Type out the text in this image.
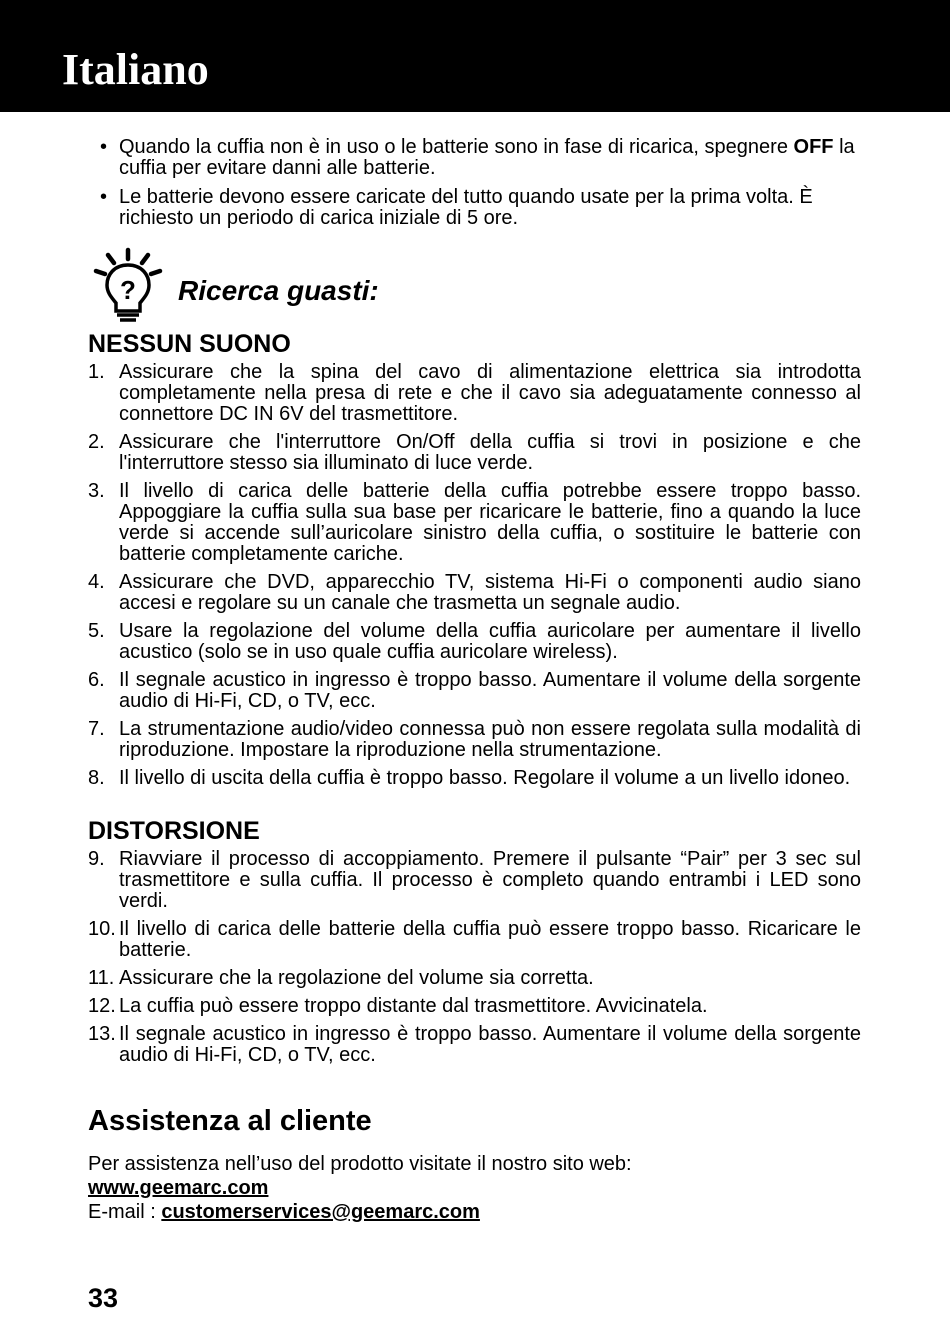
Italiano
• Quando la cuffia non è in uso o le batterie sono in fase di ricarica, spegnere OFF la cuffia per evitare danni alle batterie.
• Le batterie devono essere caricate del tutto quando usate per la prima volta. È richiesto un periodo di carica iniziale di 5 ore.
? Ricerca guasti:
NESSUN SUONO
1. Assicurare che la spina del cavo di alimentazione elettrica sia introdotta completamente nella presa di rete e che il cavo sia adeguatamente connesso al connettore DC IN 6V del trasmettitore.
2. Assicurare che l'interruttore On/Off della cuffia si trovi in posizione e che l'interruttore stesso sia illuminato di luce verde.
3. Il livello di carica delle batterie della cuffia potrebbe essere troppo basso. Appoggiare la cuffia sulla sua base per ricaricare le batterie, fino a quando la luce verde si accende sull’auricolare sinistro della cuffia, o sostituire le batterie con batterie completamente cariche.
4. Assicurare che DVD, apparecchio TV, sistema Hi-Fi o componenti audio siano accesi e regolare su un canale che trasmetta un segnale audio.
5. Usare la regolazione del volume della cuffia auricolare per aumentare il livello acustico (solo se in uso quale cuffia auricolare wireless).
6. Il segnale acustico in ingresso è troppo basso. Aumentare il volume della sorgente audio di Hi-Fi, CD, o TV, ecc.
7. La strumentazione audio/video connessa può non essere regolata sulla modalità di riproduzione. Impostare la riproduzione nella strumentazione.
8. Il livello di uscita della cuffia è troppo basso. Regolare il volume a un livello idoneo.
DISTORSIONE
9. Riavviare il processo di accoppiamento. Premere il pulsante “Pair” per 3 sec sul trasmettitore e sulla cuffia. Il processo è completo quando entrambi i LED sono verdi.
10. Il livello di carica delle batterie della cuffia può essere troppo basso. Ricaricare le batterie.
11. Assicurare che la regolazione del volume sia corretta.
12. La cuffia può essere troppo distante dal trasmettitore. Avvicinatela.
13. Il segnale acustico in ingresso è troppo basso. Aumentare il volume della sorgente audio di Hi-Fi, CD, o TV, ecc.
Assistenza al cliente
Per assistenza nell’uso del prodotto visitate il nostro sito web:
www.geemarc.com
E-mail : customerservices@geemarc.com
33
